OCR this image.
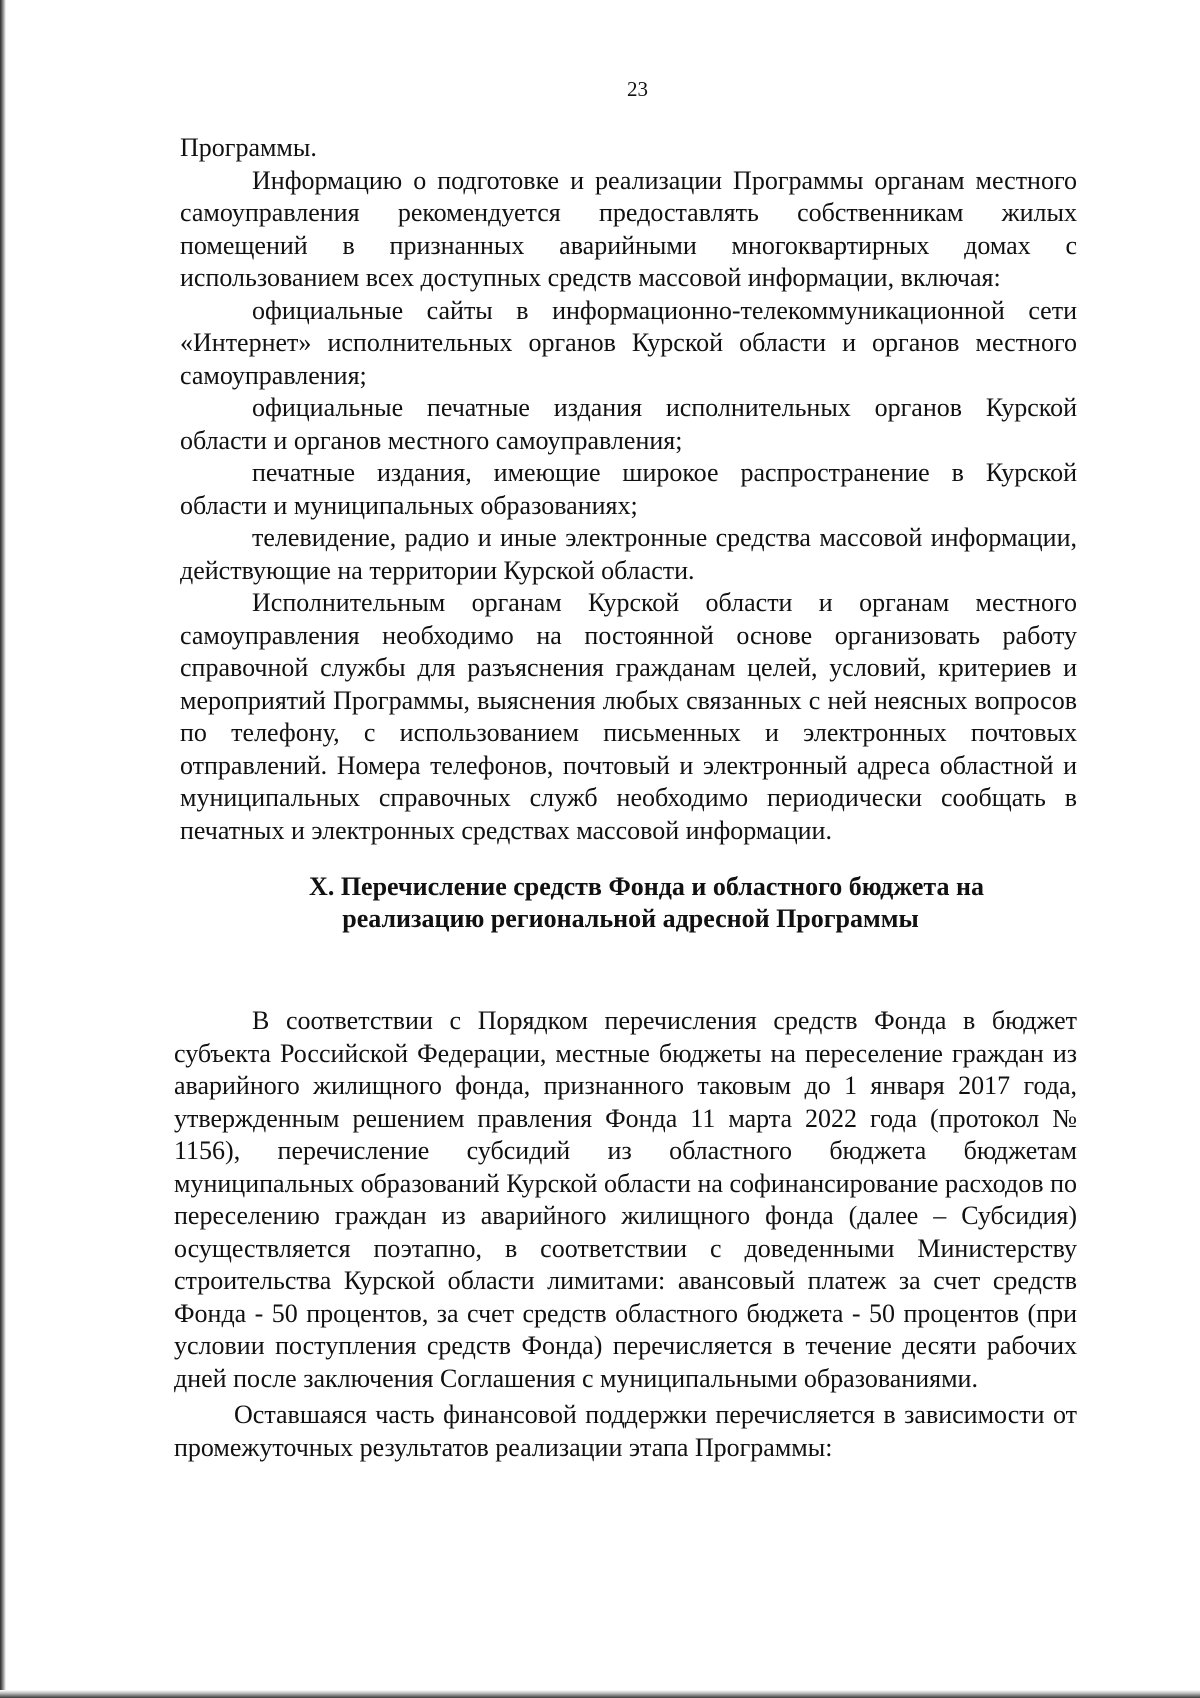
23

Программы.

Информацию о подготовке и реализации Программы органам местного самоуправления рекомендуется предоставлять собственникам жилых помещений в признанных аварийными многоквартирных домах с использованием всех доступных средств массовой информации, включая:

официальные сайты в информационно-телекоммуникационной сети «Интернет» исполнительных органов Курской области и органов местного самоуправления;

официальные печатные издания исполнительных органов Курской области и органов местного самоуправления;

печатные издания, имеющие широкое распространение в Курской области и муниципальных образованиях;

телевидение, радио и иные электронные средства массовой информации, действующие на территории Курской области.

Исполнительным органам Курской области и органам местного самоуправления необходимо на постоянной основе организовать работу справочной службы для разъяснения гражданам целей, условий, критериев и мероприятий Программы, выяснения любых связанных с ней неясных вопросов по телефону, с использованием письменных и электронных почтовых отправлений. Номера телефонов, почтовый и электронный адреса областной и муниципальных справочных служб необходимо периодически сообщать в печатных и электронных средствах массовой информации.

X. Перечисление средств Фонда и областного бюджета на
реализацию региональной адресной Программы

В соответствии с Порядком перечисления средств Фонда в бюджет субъекта Российской Федерации, местные бюджеты на переселение граждан из аварийного жилищного фонда, признанного таковым до 1 января 2017 года, утвержденным решением правления Фонда 11 марта 2022 года (протокол № 1156), перечисление субсидий из областного бюджета бюджетам муниципальных образований Курской области на софинансирование расходов по переселению граждан из аварийного жилищного фонда (далее – Субсидия) осуществляется поэтапно, в соответствии с доведенными Министерству строительства Курской области лимитами: авансовый платеж за счет средств Фонда - 50 процентов, за счет средств областного бюджета - 50 процентов (при условии поступления средств Фонда) перечисляется в течение десяти рабочих дней после заключения Соглашения с муниципальными образованиями.

Оставшаяся часть финансовой поддержки перечисляется в зависимости от промежуточных результатов реализации этапа Программы:
